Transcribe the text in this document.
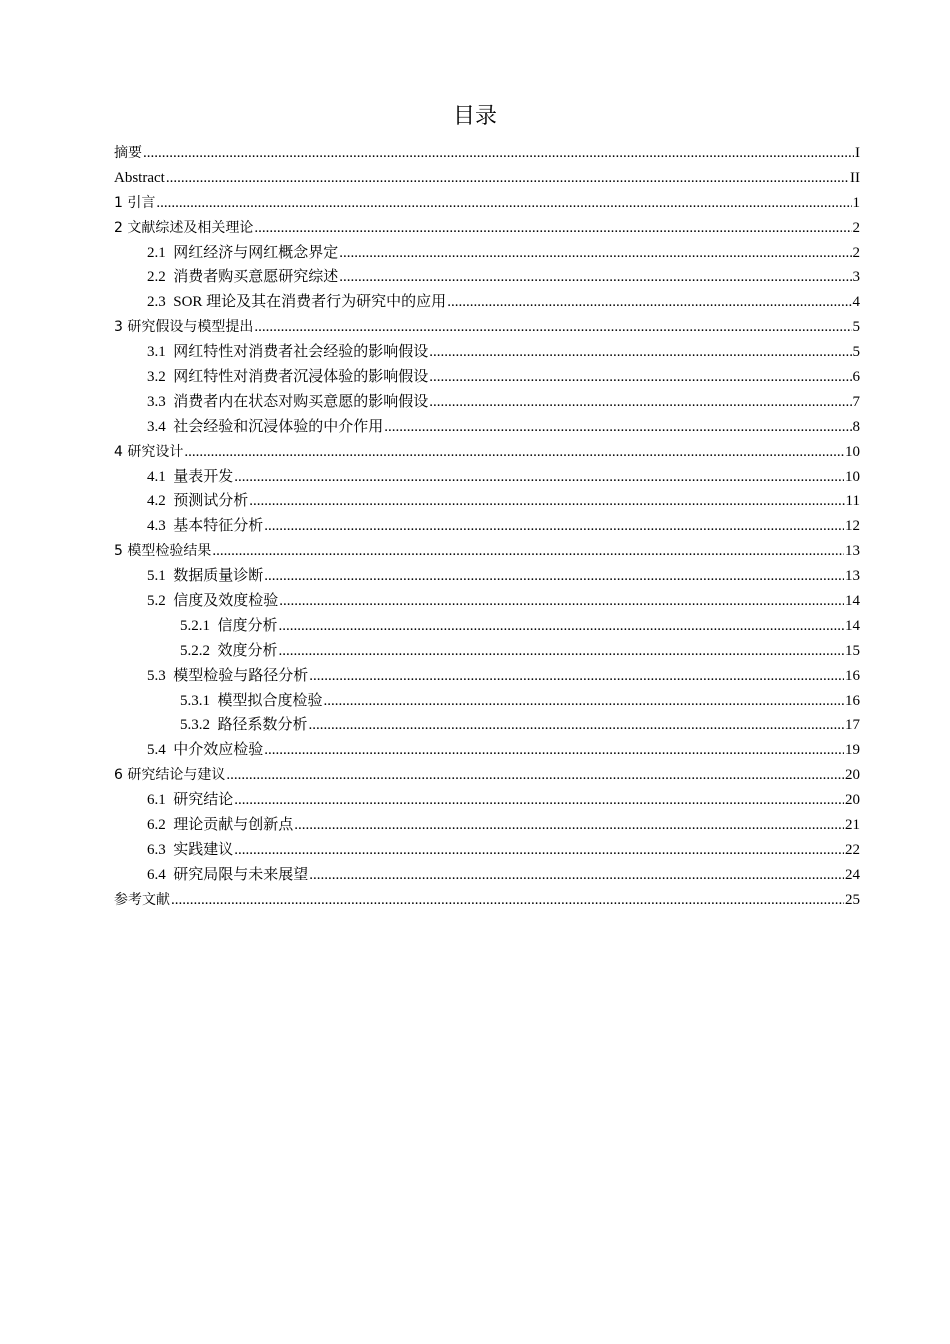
目录
摘要 .....	I
Abstract .....	II
1 引言 .....	1
2 文献综述及相关理论 .....	2
2.1  网红经济与网红概念界定 .....	2
2.2  消费者购买意愿研究综述 .....	3
2.3  SOR 理论及其在消费者行为研究中的应用 .....	4
3 研究假设与模型提出 .....	5
3.1  网红特性对消费者社会经验的影响假设 .....	5
3.2  网红特性对消费者沉浸体验的影响假设 .....	6
3.3  消费者内在状态对购买意愿的影响假设 .....	7
3.4  社会经验和沉浸体验的中介作用 .....	8
4 研究设计 .....	10
4.1  量表开发 .....	10
4.2  预测试分析 .....	11
4.3  基本特征分析 .....	12
5 模型检验结果 .....	13
5.1  数据质量诊断 .....	13
5.2  信度及效度检验 .....	14
5.2.1  信度分析 .....	14
5.2.2  效度分析 .....	15
5.3  模型检验与路径分析 .....	16
5.3.1  模型拟合度检验 .....	16
5.3.2  路径系数分析 .....	17
5.4  中介效应检验 .....	19
6 研究结论与建议 .....	20
6.1  研究结论 .....	20
6.2  理论贡献与创新点 .....	21
6.3  实践建议 .....	22
6.4  研究局限与未来展望 .....	24
参考文献 .....	25
